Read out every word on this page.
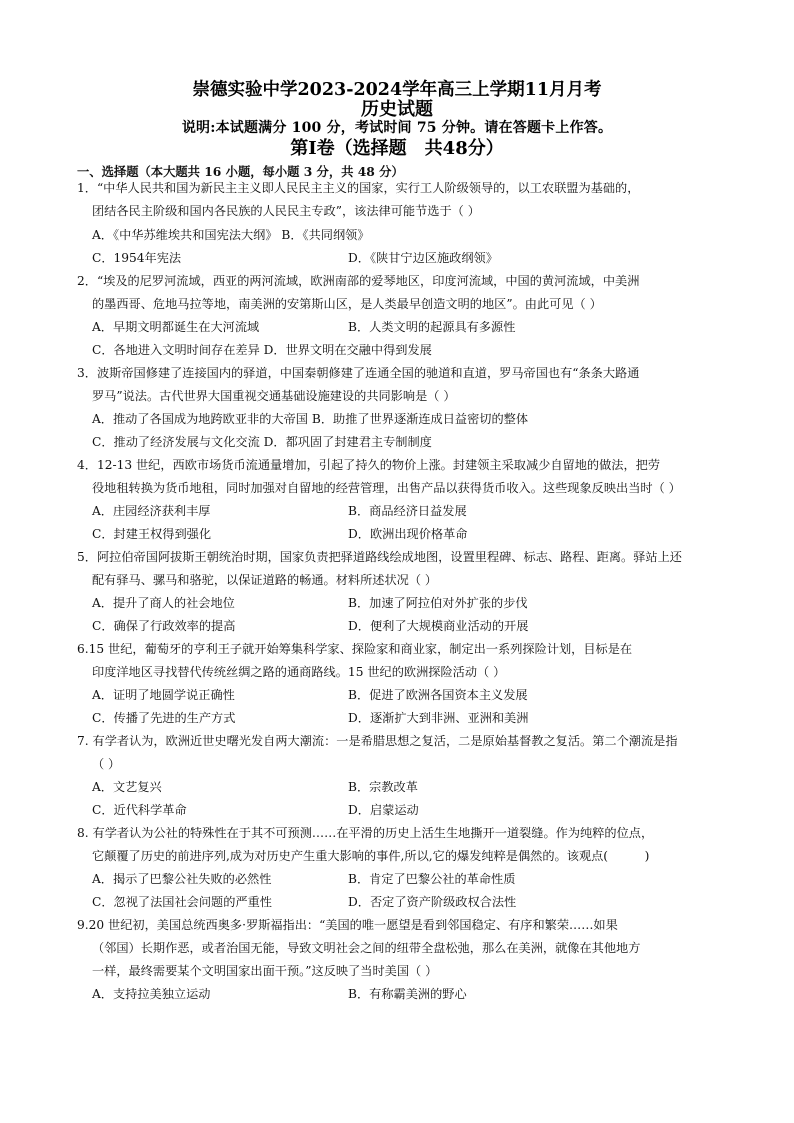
崇德实验中学2023-2024学年高三上学期11月月考
历史试题
说明:本试题满分 100 分，考试时间 75 分钟。请在答题卡上作答。
第Ⅰ卷（选择题　共48分）
一、选择题（本大题共 16 小题，每小题 3 分，共 48 分）
1．“中华人民共和国为新民主主义即人民民主主义的国家，实行工人阶级领导的，以工农联盟为基础的，
团结各民主阶级和国内各民族的人民民主专政”，该法律可能节选于（ ）
A．《中华苏维埃共和国宪法大纲》 B．《共同纲领》
C．1954年宪法	D．《陕甘宁边区施政纲领》
2．“埃及的尼罗河流域，西亚的两河流域，欧洲南部的爱琴地区，印度河流域，中国的黄河流域，中美洲
的墨西哥、危地马拉等地，南美洲的安第斯山区，是人类最早创造文明的地区”。由此可见（ ）
A．早期文明都诞生在大河流域	B．人类文明的起源具有多源性
C．各地进入文明时间存在差异 D．世界文明在交融中得到发展
3．波斯帝国修建了连接国内的驿道，中国秦朝修建了连通全国的驰道和直道，罗马帝国也有“条条大路通
罗马”说法。古代世界大国重视交通基础设施建设的共同影响是（ ）
A．推动了各国成为地跨欧亚非的大帝国 B．助推了世界逐渐连成日益密切的整体
C．推动了经济发展与文化交流 D．都巩固了封建君主专制制度
4．12-13 世纪，西欧市场货币流通量增加，引起了持久的物价上涨。封建领主采取减少自留地的做法，把劳
役地租转换为货币地租，同时加强对自留地的经营管理，出售产品以获得货币收入。这些现象反映出当时（ ）
A．庄园经济获利丰厚	B．商品经济日益发展
C．封建王权得到强化	D．欧洲出现价格革命
5．阿拉伯帝国阿拔斯王朝统治时期，国家负责把驿道路线绘成地图，设置里程碑、标志、路程、距离。驿站上还
配有驿马、骡马和骆驼，以保证道路的畅通。材料所述状况（ ）
A．提升了商人的社会地位	B．加速了阿拉伯对外扩张的步伐
C．确保了行政效率的提高	D．便利了大规模商业活动的开展
6.15 世纪，葡萄牙的亨利王子就开始筹集科学家、探险家和商业家，制定出一系列探险计划，目标是在
印度洋地区寻找替代传统丝绸之路的通商路线。15 世纪的欧洲探险活动（ ）
A．证明了地圆学说正确性	B．促进了欧洲各国资本主义发展
C．传播了先进的生产方式	D．逐渐扩大到非洲、亚洲和美洲
7. 有学者认为，欧洲近世史曙光发自两大潮流：一是希腊思想之复活，二是原始基督教之复活。第二个潮流是指
（ ）
A．文艺复兴	B．宗教改革
C．近代科学革命	D．启蒙运动
8. 有学者认为公社的特殊性在于其不可预测……在平滑的历史上活生生地撕开一道裂缝。作为纯粹的位点，
它颠覆了历史的前进序列,成为对历史产生重大影响的事件,所以,它的爆发纯粹是偶然的。该观点(　　　)
A．揭示了巴黎公社失败的必然性	B．肯定了巴黎公社的革命性质
C．忽视了法国社会问题的严重性	D．否定了资产阶级政权合法性
9.20 世纪初，美国总统西奥多·罗斯福指出：“美国的唯一愿望是看到邻国稳定、有序和繁荣……如果
（邻国）长期作恶，或者治国无能，导致文明社会之间的纽带全盘松弛，那么在美洲，就像在其他地方
一样，最终需要某个文明国家出面干预。”这反映了当时美国（ ）
A．支持拉美独立运动	B．有称霸美洲的野心
